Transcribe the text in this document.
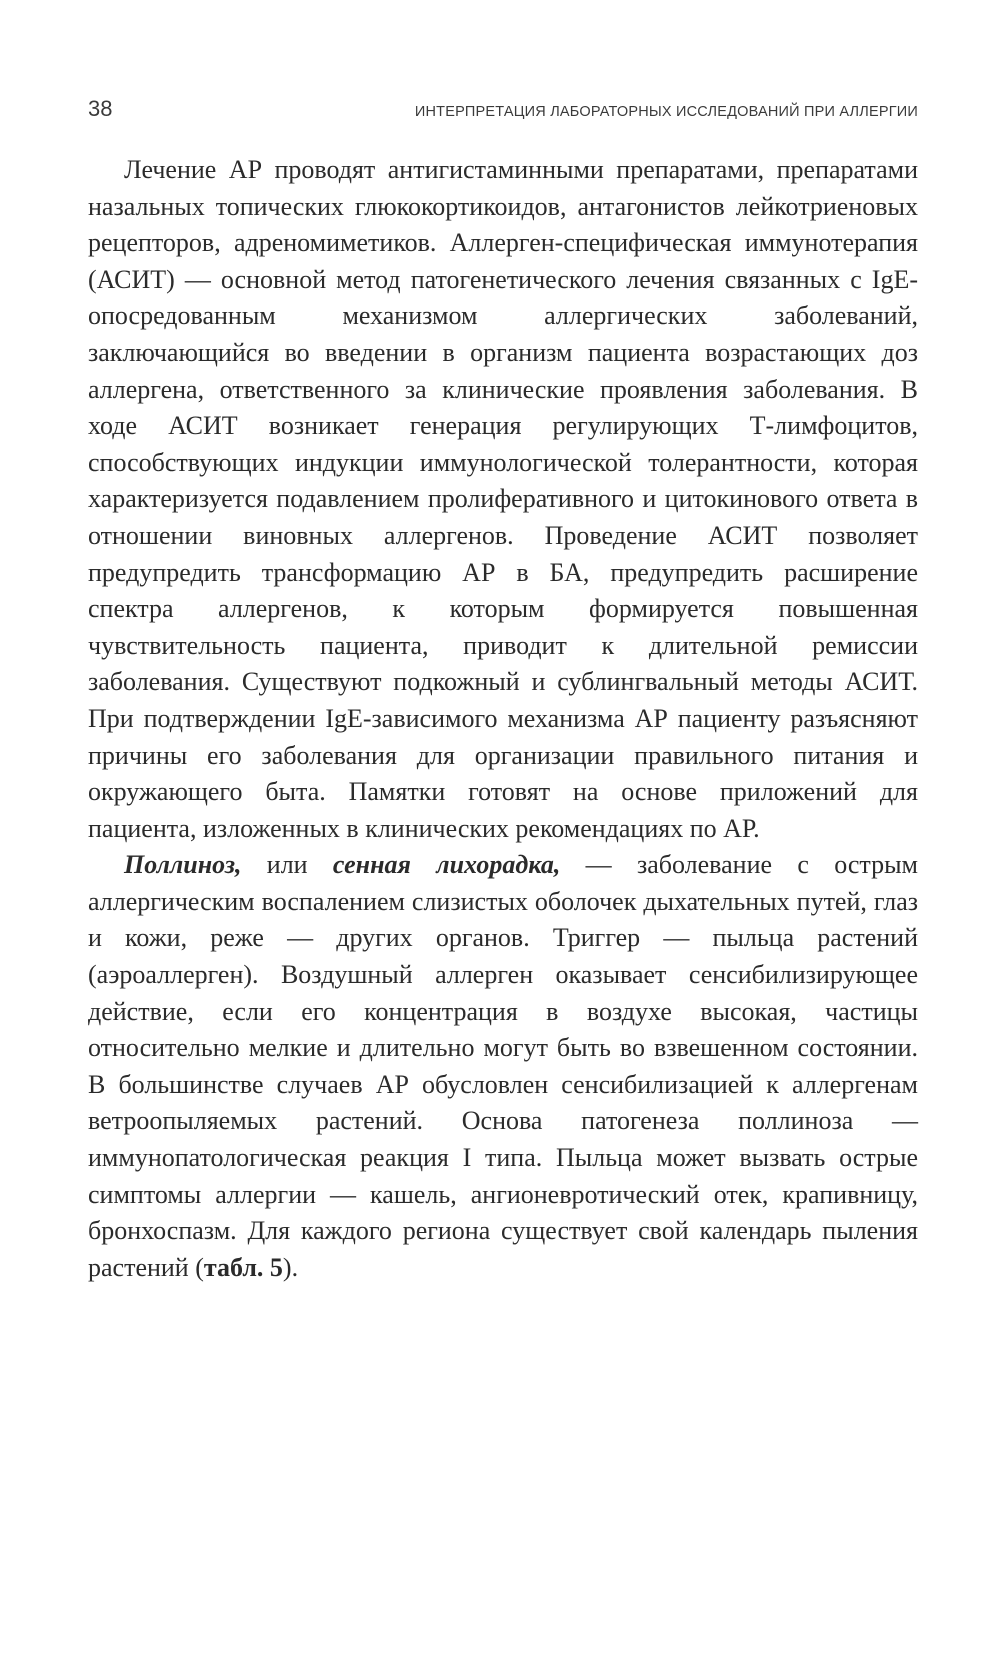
38	ИНТЕРПРЕТАЦИЯ ЛАБОРАТОРНЫХ ИССЛЕДОВАНИЙ ПРИ АЛЛЕРГИИ

Лечение АР проводят антигистаминными препаратами, препаратами назальных топических глюкокортикоидов, антагонистов лейкотриеновых рецепторов, адреномиметиков. Аллерген-специфическая иммунотерапия (АСИТ) — основной метод патогенетического лечения связанных с IgE-опосредованным механизмом аллергических заболеваний, заключающийся во введении в организм пациента возрастающих доз аллергена, ответственного за клинические проявления заболевания. В ходе АСИТ возникает генерация регулирующих Т-лимфоцитов, способствующих индукции иммунологической толерантности, которая характеризуется подавлением пролиферативного и цитокинового ответа в отношении виновных аллергенов. Проведение АСИТ позволяет предупредить трансформацию АР в БА, предупредить расширение спектра аллергенов, к которым формируется повышенная чувствительность пациента, приводит к длительной ремиссии заболевания. Существуют подкожный и сублингвальный методы АСИТ. При подтверждении IgE-зависимого механизма АР пациенту разъясняют причины его заболевания для организации правильного питания и окружающего быта. Памятки готовят на основе приложений для пациента, изложенных в клинических рекомендациях по АР.

Поллиноз, или сенная лихорадка, — заболевание с острым аллергическим воспалением слизистых оболочек дыхательных путей, глаз и кожи, реже — других органов. Триггер — пыльца растений (аэроаллерген). Воздушный аллерген оказывает сенсибилизирующее действие, если его концентрация в воздухе высокая, частицы относительно мелкие и длительно могут быть во взвешенном состоянии. В большинстве случаев АР обусловлен сенсибилизацией к аллергенам ветроопыляемых растений. Основа патогенеза поллиноза — иммунопатологическая реакция I типа. Пыльца может вызвать острые симптомы аллергии — кашель, ангионевротический отек, крапивницу, бронхоспазм. Для каждого региона существует свой календарь пыления растений (табл. 5).
